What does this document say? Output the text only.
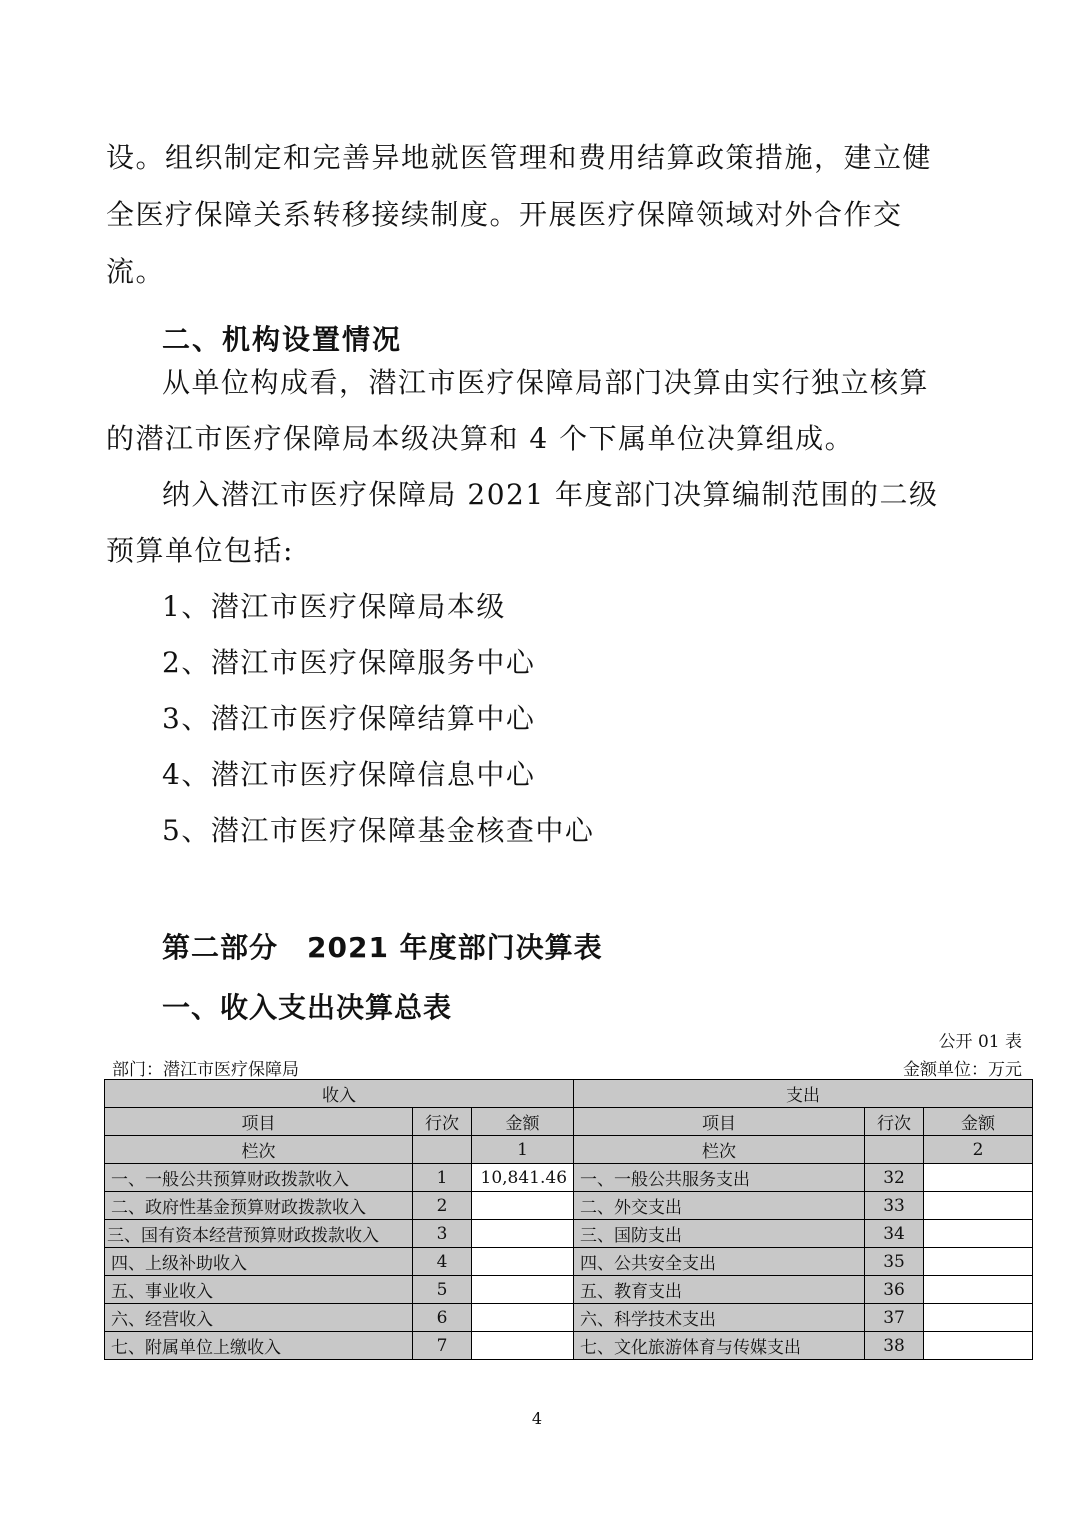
设。组织制定和完善异地就医管理和费用结算政策措施，建立健

全医疗保障关系转移接续制度。开展医疗保障领域对外合作交

流。

二、机构设置情况

从单位构成看，潜江市医疗保障局部门决算由实行独立核算

的潜江市医疗保障局本级决算和 4 个下属单位决算组成。

纳入潜江市医疗保障局 2021 年度部门决算编制范围的二级

预算单位包括:

1、潜江市医疗保障局本级

2、潜江市医疗保障服务中心

3、潜江市医疗保障结算中心

4、潜江市医疗保障信息中心

5、潜江市医疗保障基金核查中心

第二部分　2021 年度部门决算表

一、收入支出决算总表

公开 01 表

部门：潜江市医疗保障局	金额单位：万元

收入			支出		
项目	行次	金额	项目	行次	金额
栏次		1	栏次		2
一、一般公共预算财政拨款收入	1	10,841.46	一、一般公共服务支出	32	
二、政府性基金预算财政拨款收入	2		二、外交支出	33	
三、国有资本经营预算财政拨款收入	3		三、国防支出	34	
四、上级补助收入	4		四、公共安全支出	35	
五、事业收入	5		五、教育支出	36	
六、经营收入	6		六、科学技术支出	37	
七、附属单位上缴收入	7		七、文化旅游体育与传媒支出	38	

4
